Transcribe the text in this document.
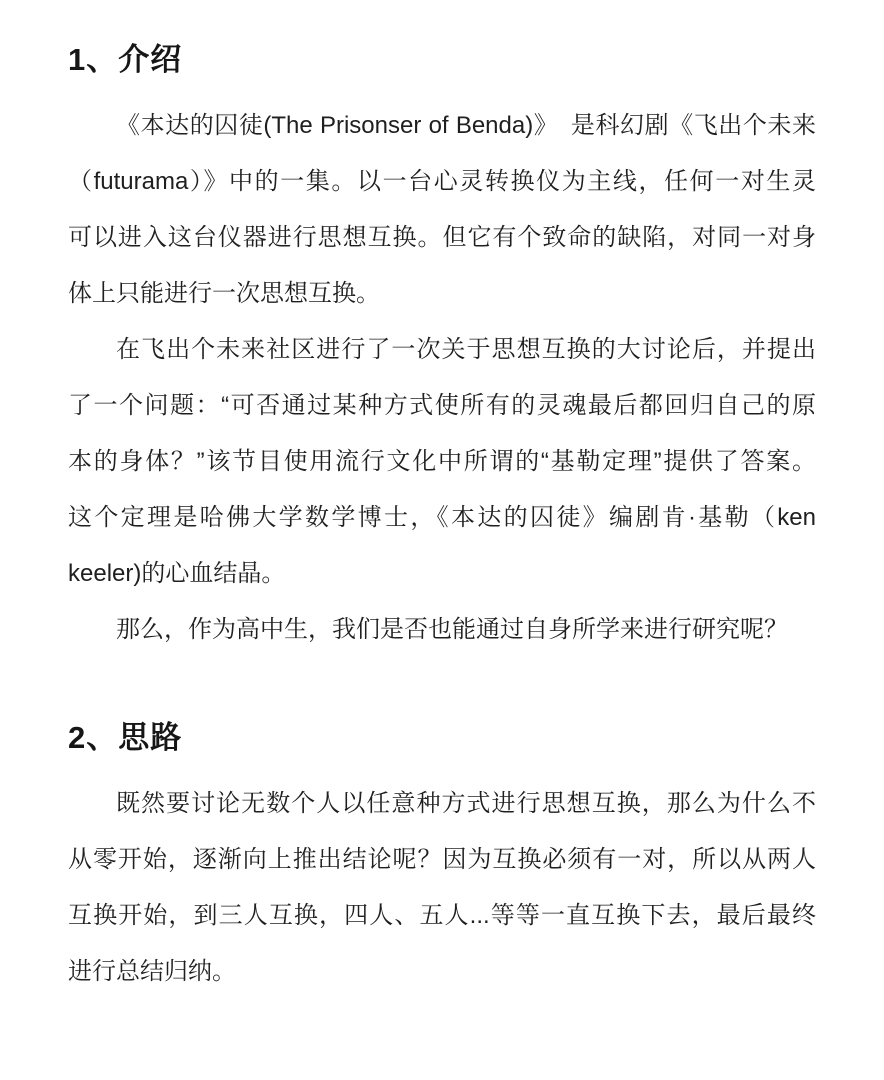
1、介绍
《本达的囚徒(The Prisonser of Benda)》　是科幻剧《飞出个未来
（futurama）》中的一集。以一台心灵转换仪为主线，任何一对生灵
可以进入这台仪器进行思想互换。但它有个致命的缺陷，对同一对身
体上只能进行一次思想互换。
在飞出个未来社区进行了一次关于思想互换的大讨论后，并提出
了一个问题：“可否通过某种方式使所有的灵魂最后都回归自己的原
本的身体？”该节目使用流行文化中所谓的“基勒定理”提供了答案。
这个定理是哈佛大学数学博士，《本达的囚徒》编剧肯·基勒（ken
keeler)的心血结晶。
那么，作为高中生，我们是否也能通过自身所学来进行研究呢？
2、思路
既然要讨论无数个人以任意种方式进行思想互换，那么为什么不
从零开始，逐渐向上推出结论呢？因为互换必须有一对，所以从两人
互换开始，到三人互换，四人、五人...等等一直互换下去，最后最终
进行总结归纳。
